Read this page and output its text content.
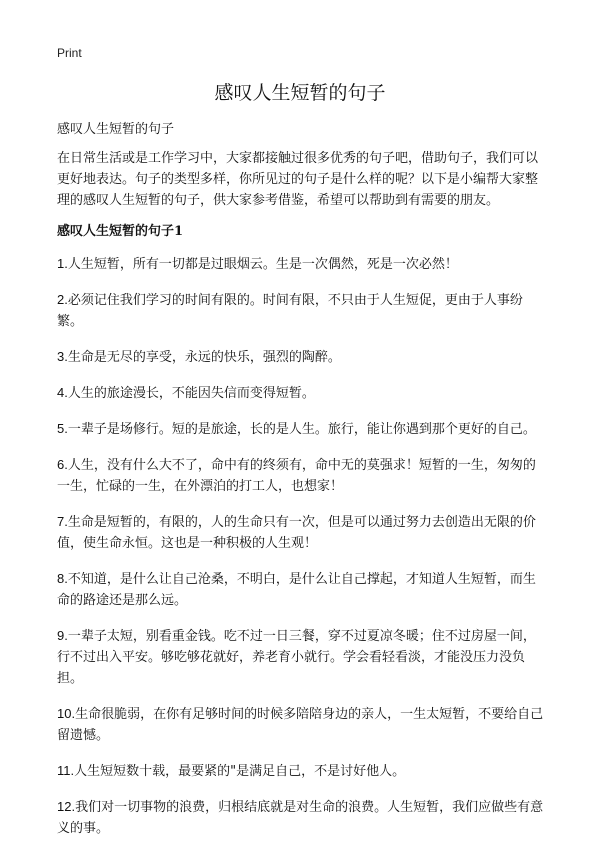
Print
感叹人生短暂的句子
感叹人生短暂的句子

在日常生活或是工作学习中，大家都接触过很多优秀的句子吧，借助句子，我们可以更好地表达。句子的类型多样，你所见过的句子是什么样的呢？以下是小编帮大家整理的感叹人生短暂的句子，供大家参考借鉴，希望可以帮助到有需要的朋友。

感叹人生短暂的句子1

1.人生短暂，所有一切都是过眼烟云。生是一次偶然，死是一次必然！

2.必须记住我们学习的时间有限的。时间有限，不只由于人生短促，更由于人事纷繁。

3.生命是无尽的享受，永远的快乐，强烈的陶醉。

4.人生的旅途漫长，不能因失信而变得短暂。

5.一辈子是场修行。短的是旅途，长的是人生。旅行，能让你遇到那个更好的自己。

6.人生，没有什么大不了，命中有的终须有，命中无的莫强求！短暂的一生，匆匆的一生，忙碌的一生，在外漂泊的打工人，也想家！

7.生命是短暂的，有限的，人的生命只有一次，但是可以通过努力去创造出无限的价值，使生命永恒。这也是一种积极的人生观！

8.不知道，是什么让自己沧桑，不明白，是什么让自己撑起，才知道人生短暂，而生命的路途还是那么远。

9.一辈子太短，别看重金钱。吃不过一日三餐，穿不过夏凉冬暖；住不过房屋一间，行不过出入平安。够吃够花就好，养老育小就行。学会看轻看淡，才能没压力没负担。

10.生命很脆弱，在你有足够时间的时候多陪陪身边的亲人，一生太短暂，不要给自己留遗憾。

11.人生短短数十载，最要紧的"是满足自己，不是讨好他人。

12.我们对一切事物的浪费，归根结底就是对生命的浪费。人生短暂，我们应做些有意义的事。
